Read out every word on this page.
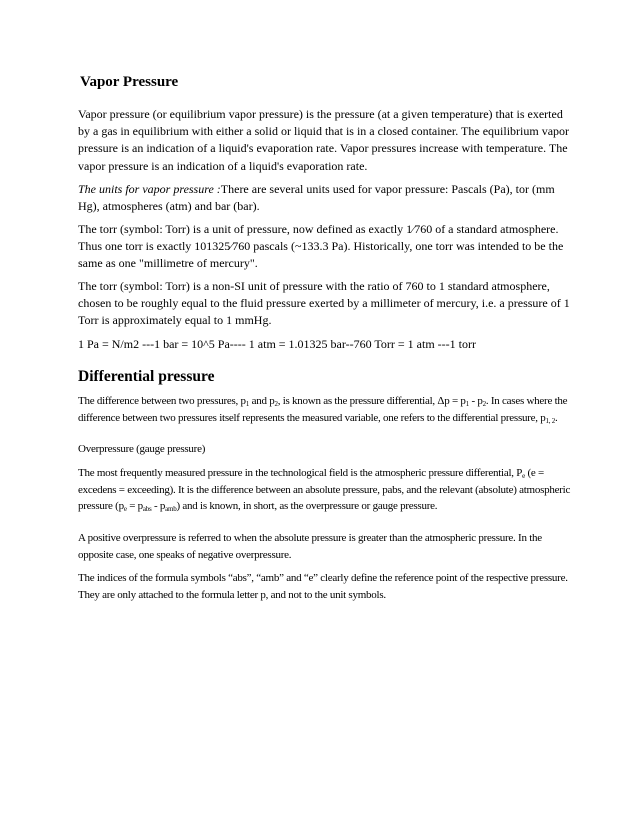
Vapor Pressure

Vapor pressure (or equilibrium vapor pressure) is the pressure (at a given temperature) that is exerted by a gas in equilibrium with either a solid or liquid that is in a closed container. The equilibrium vapor pressure is an indication of a liquid's evaporation rate. Vapor pressures increase with temperature. The vapor pressure is an indication of a liquid's evaporation rate.

The units for vapor pressure :There are several units used for vapor pressure: Pascals (Pa), tor (mm Hg), atmospheres (atm) and bar (bar).

The torr (symbol: Torr) is a unit of pressure, now defined as exactly 1⁄760 of a standard atmosphere. Thus one torr is exactly 101325⁄760 pascals (~133.3 Pa). Historically, one torr was intended to be the same as one "millimetre of mercury".

The torr (symbol: Torr) is a non-SI unit of pressure with the ratio of 760 to 1 standard atmosphere, chosen to be roughly equal to the fluid pressure exerted by a millimeter of mercury, i.e. a pressure of 1 Torr is approximately equal to 1 mmHg.

1 Pa = N/m2 ---1 bar = 10^5 Pa---- 1 atm = 1.01325 bar--760 Torr = 1 atm ---1 torr

Differential pressure

The difference between two pressures, $p_1$ and $p_2$, is known as the pressure differential, $\Delta p = p_1 - p_2$. In cases where the difference between two pressures itself represents the measured variable, one refers to the differential pressure, $p_{1, 2}$.

Overpressure (gauge pressure)

The most frequently measured pressure in the technological field is the atmospheric pressure differential, $P_e$ (e = excedens = exceeding). It is the difference between an absolute pressure, pabs, and the relevant (absolute) atmospheric pressure $(p_e = p_{abs} - p_{amb})$ and is known, in short, as the overpressure or gauge pressure.

A positive overpressure is referred to when the absolute pressure is greater than the atmospheric pressure. In the opposite case, one speaks of negative overpressure.

The indices of the formula symbols “abs”, “amb” and “e” clearly define the reference point of the respective pressure. They are only attached to the formula letter p, and not to the unit symbols.
